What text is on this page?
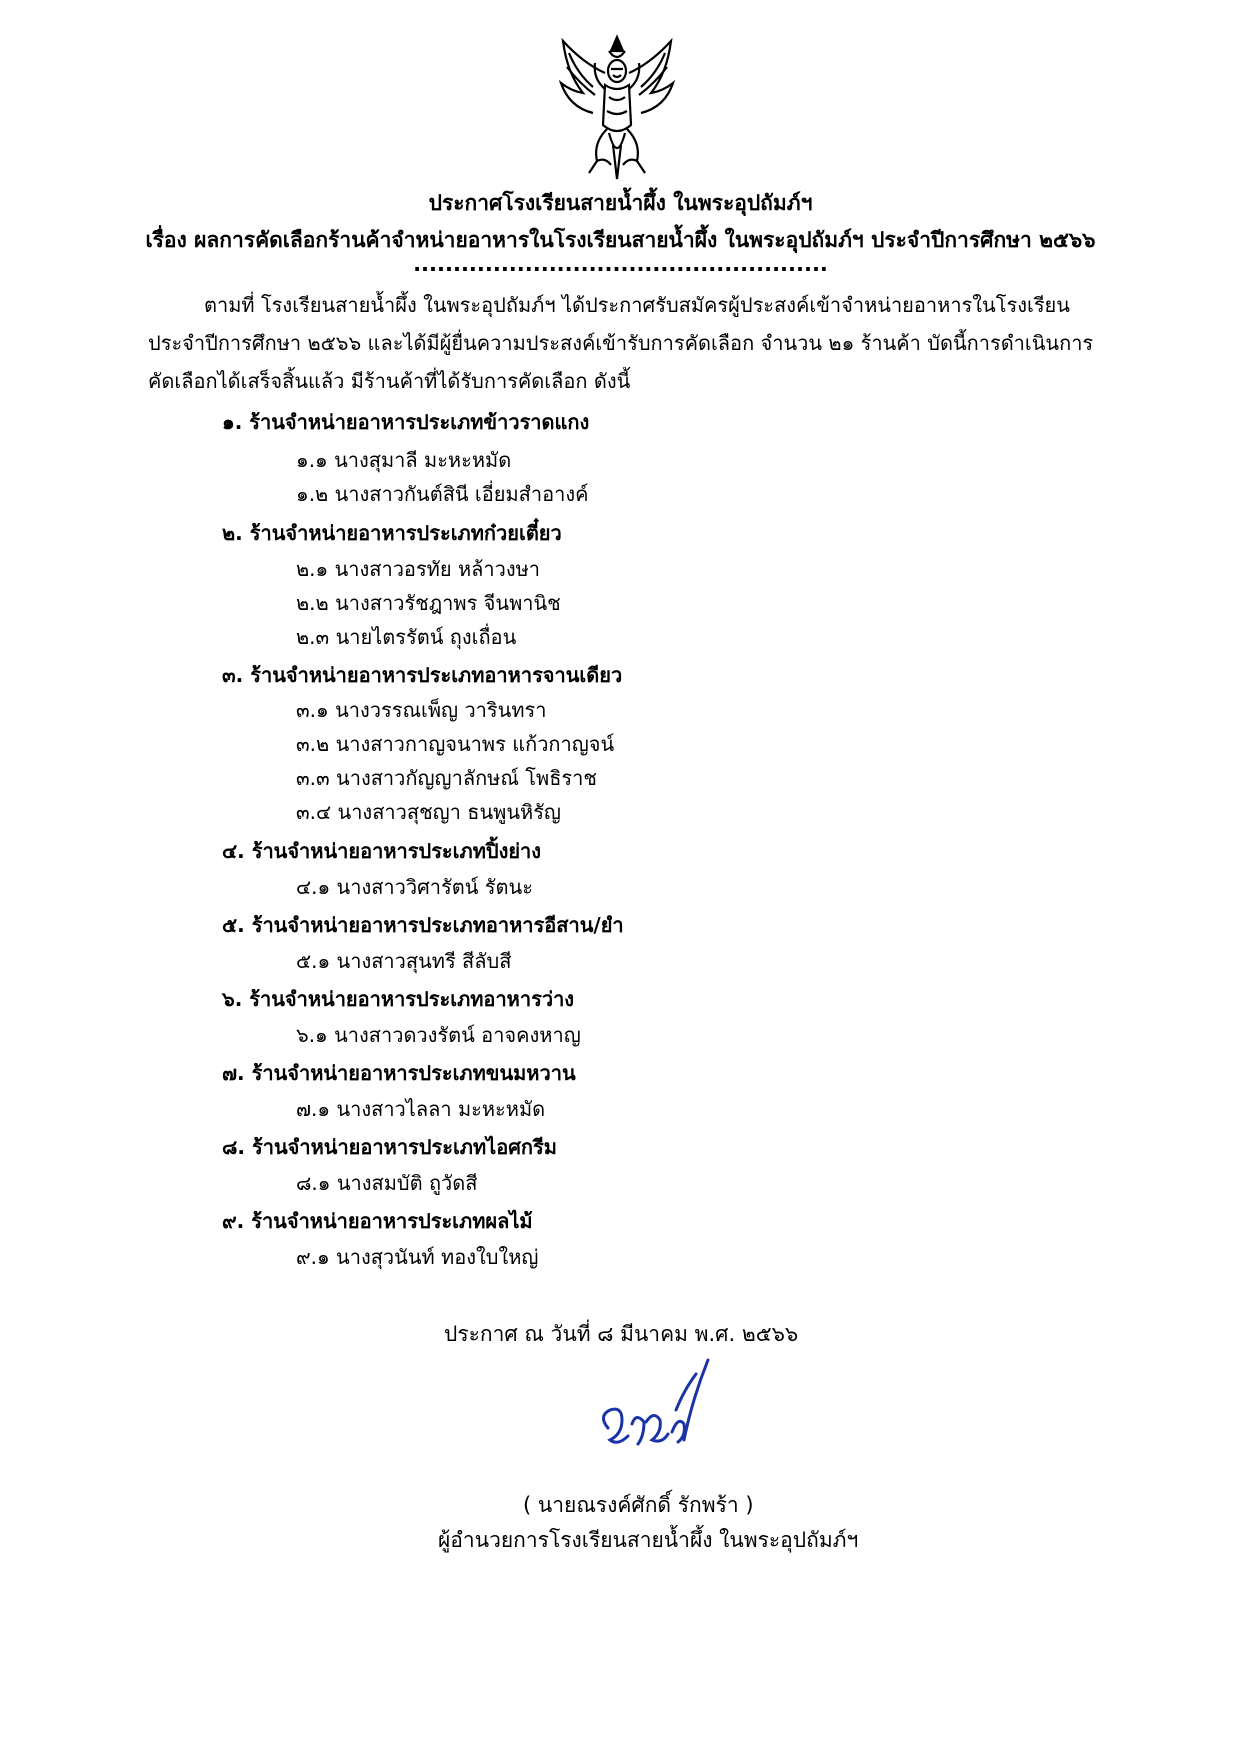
ประกาศโรงเรียนสายน้ำผึ้ง ในพระอุปถัมภ์ฯ
เรื่อง ผลการคัดเลือกร้านค้าจำหน่ายอาหารในโรงเรียนสายน้ำผึ้ง ในพระอุปถัมภ์ฯ ประจำปีการศึกษา ๒๕๖๖
....................................................
ตามที่ โรงเรียนสายน้ำผึ้ง ในพระอุปถัมภ์ฯ ได้ประกาศรับสมัครผู้ประสงค์เข้าจำหน่ายอาหารในโรงเรียน
ประจำปีการศึกษา ๒๕๖๖ และได้มีผู้ยื่นความประสงค์เข้ารับการคัดเลือก จำนวน ๒๑ ร้านค้า บัดนี้การดำเนินการ
คัดเลือกได้เสร็จสิ้นแล้ว มีร้านค้าที่ได้รับการคัดเลือก ดังนี้
๑. ร้านจำหน่ายอาหารประเภทข้าวราดแกง
๑.๑ นางสุมาลี มะหะหมัด
๑.๒ นางสาวกันต์สินี เอี่ยมสำอางค์
๒. ร้านจำหน่ายอาหารประเภทก๋วยเตี๋ยว
๒.๑ นางสาวอรทัย หล้าวงษา
๒.๒ นางสาวรัชฎาพร จีนพานิช
๒.๓ นายไตรรัตน์ ถุงเถื่อน
๓. ร้านจำหน่ายอาหารประเภทอาหารจานเดียว
๓.๑ นางวรรณเพ็ญ วารินทรา
๓.๒ นางสาวกาญจนาพร แก้วกาญจน์
๓.๓ นางสาวกัญญาลักษณ์ โพธิราช
๓.๔ นางสาวสุชญา ธนพูนหิรัญ
๔. ร้านจำหน่ายอาหารประเภทปิ้งย่าง
๔.๑ นางสาววิศารัตน์ รัตนะ
๕. ร้านจำหน่ายอาหารประเภทอาหารอีสาน/ยำ
๕.๑ นางสาวสุนทรี สีลับสี
๖. ร้านจำหน่ายอาหารประเภทอาหารว่าง
๖.๑ นางสาวดวงรัตน์ อาจคงหาญ
๗. ร้านจำหน่ายอาหารประเภทขนมหวาน
๗.๑ นางสาวไลลา มะหะหมัด
๘. ร้านจำหน่ายอาหารประเภทไอศกรีม
๘.๑ นางสมบัติ ถูวัดสี
๙. ร้านจำหน่ายอาหารประเภทผลไม้
๙.๑ นางสุวนันท์ ทองใบใหญ่
ประกาศ ณ วันที่ ๘ มีนาคม พ.ศ. ๒๕๖๖
( นายณรงค์ศักดิ์ รักพร้า )
ผู้อำนวยการโรงเรียนสายน้ำผึ้ง ในพระอุปถัมภ์ฯ
